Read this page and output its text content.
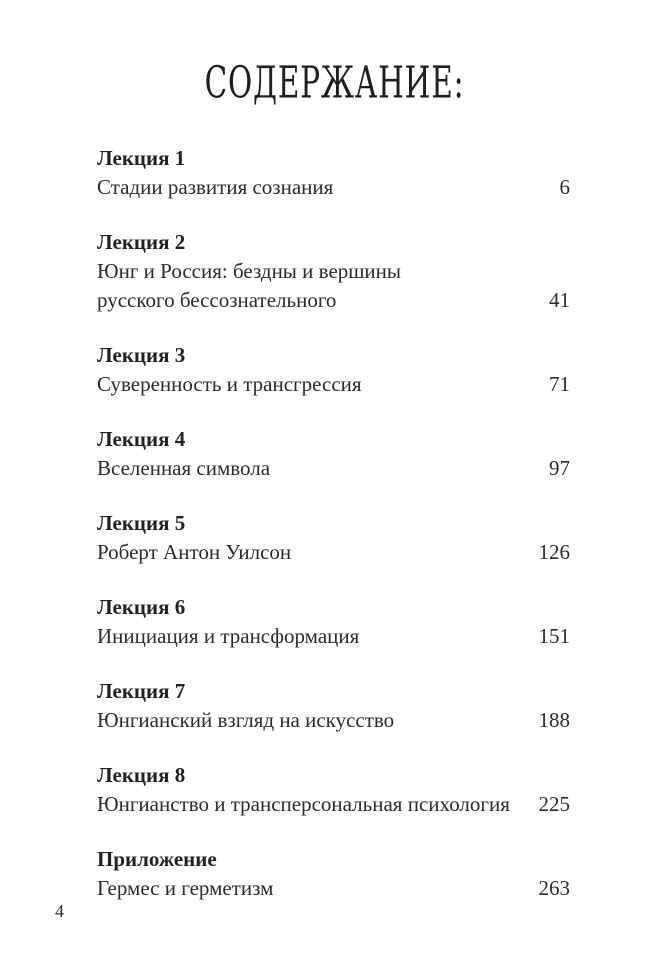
СОДЕРЖАНИЕ:
Лекция 1
Стадии развития сознания	6
Лекция 2
Юнг и Россия: бездны и вершины
русского бессознательного	41
Лекция 3
Суверенность и трансгрессия	71
Лекция 4
Вселенная символа	97
Лекция 5
Роберт Антон Уилсон	126
Лекция 6
Инициация и трансформация	151
Лекция 7
Юнгианский взгляд на искусство	188
Лекция 8
Юнгианство и трансперсональная психология 225
Приложение
Гермес и герметизм	263
4
